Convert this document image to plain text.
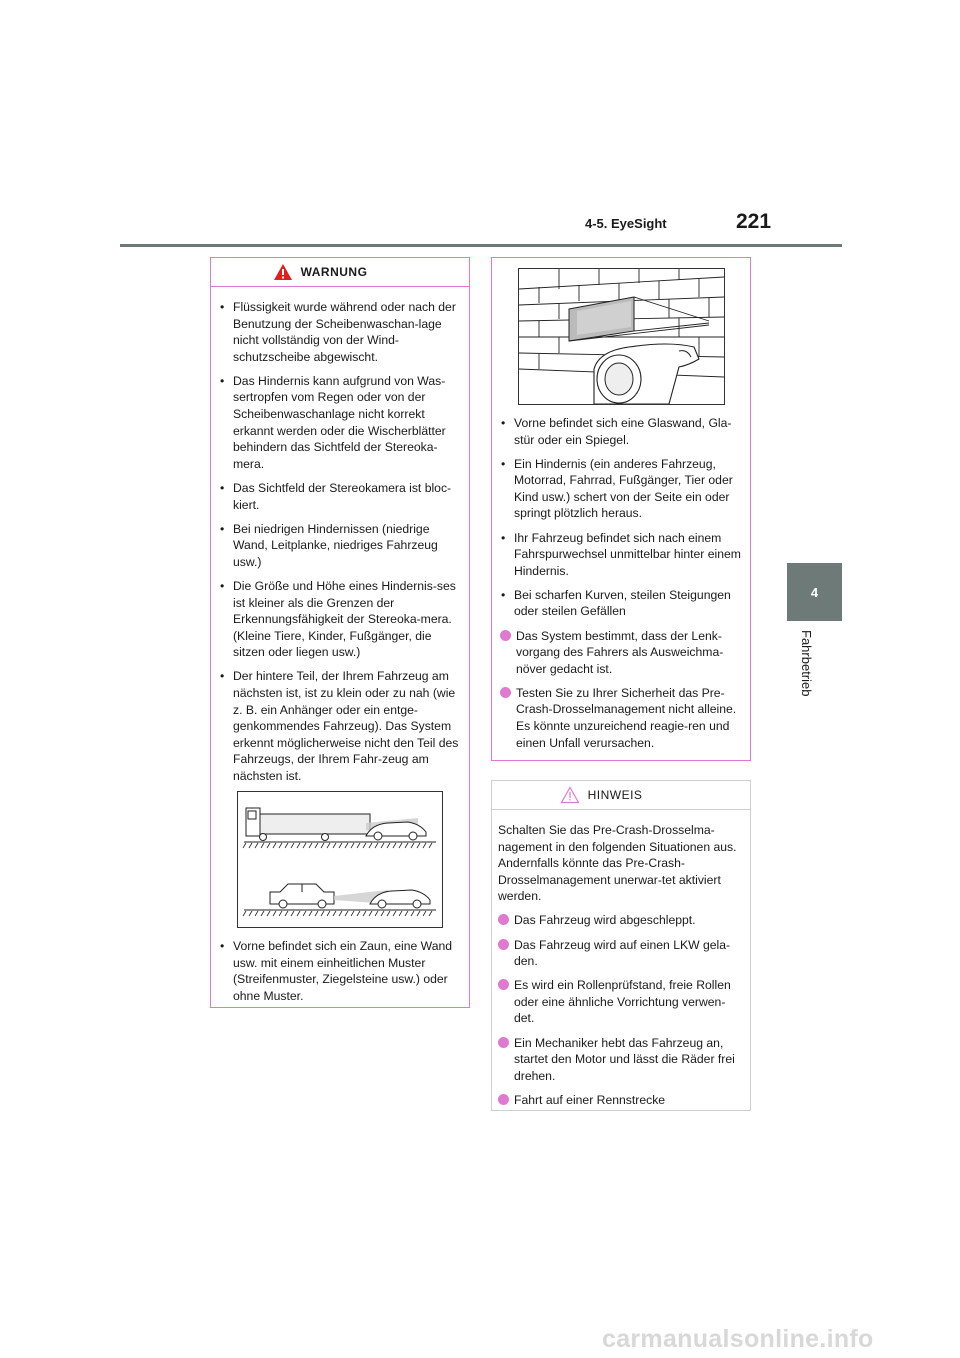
4-5. EyeSight	221
4
Fahrbetrieb
WARNUNG
• Flüssigkeit wurde während oder nach der Benutzung der Scheibenwaschan-lage nicht vollständig von der Wind-schutzscheibe abgewischt.
• Das Hindernis kann aufgrund von Was-sertropfen vom Regen oder von der Scheibenwaschanlage nicht korrekt erkannt werden oder die Wischerblätter behindern das Sichtfeld der Stereoka-mera.
• Das Sichtfeld der Stereokamera ist bloc-kiert.
• Bei niedrigen Hindernissen (niedrige Wand, Leitplanke, niedriges Fahrzeug usw.)
• Die Größe und Höhe eines Hindernis-ses ist kleiner als die Grenzen der Erkennungsfähigkeit der Stereoka-mera. (Kleine Tiere, Kinder, Fußgänger, die sitzen oder liegen usw.)
• Der hintere Teil, der Ihrem Fahrzeug am nächsten ist, ist zu klein oder zu nah (wie z. B. ein Anhänger oder ein entge-genkommendes Fahrzeug). Das System erkennt möglicherweise nicht den Teil des Fahrzeugs, der Ihrem Fahr-zeug am nächsten ist.
• Vorne befindet sich ein Zaun, eine Wand usw. mit einem einheitlichen Muster (Streifenmuster, Ziegelsteine usw.) oder ohne Muster.
• Vorne befindet sich eine Glaswand, Gla-stür oder ein Spiegel.
• Ein Hindernis (ein anderes Fahrzeug, Motorrad, Fahrrad, Fußgänger, Tier oder Kind usw.) schert von der Seite ein oder springt plötzlich heraus.
• Ihr Fahrzeug befindet sich nach einem Fahrspurwechsel unmittelbar hinter einem Hindernis.
• Bei scharfen Kurven, steilen Steigungen oder steilen Gefällen
Das System bestimmt, dass der Lenk-vorgang des Fahrers als Ausweichma-növer gedacht ist.
Testen Sie zu Ihrer Sicherheit das Pre-Crash-Drosselmanagement nicht alleine. Es könnte unzureichend reagie-ren und einen Unfall verursachen.
HINWEIS
Schalten Sie das Pre-Crash-Drosselma-nagement in den folgenden Situationen aus. Andernfalls könnte das Pre-Crash-Drosselmanagement unerwar-tet aktiviert werden.
Das Fahrzeug wird abgeschleppt.
Das Fahrzeug wird auf einen LKW gela-den.
Es wird ein Rollenprüfstand, freie Rollen oder eine ähnliche Vorrichtung verwen-det.
Ein Mechaniker hebt das Fahrzeug an, startet den Motor und lässt die Räder frei drehen.
Fahrt auf einer Rennstrecke
carmanualsonline.info
